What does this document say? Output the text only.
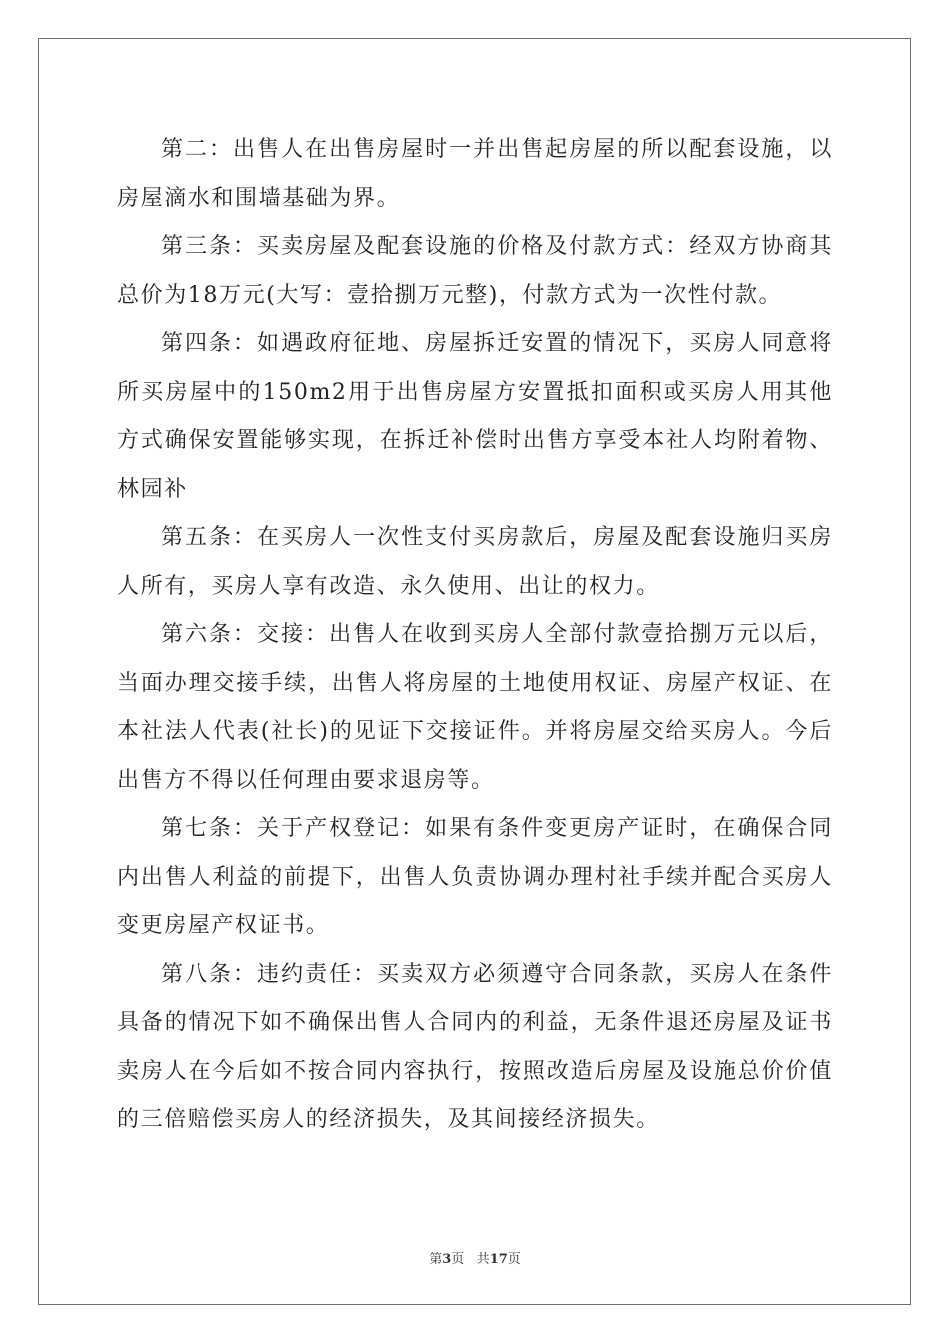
第二：出售人在出售房屋时一并出售起房屋的所以配套设施，以房屋滴水和围墙基础为界。

第三条：买卖房屋及配套设施的价格及付款方式：经双方协商其总价为18万元(大写：壹拾捌万元整)，付款方式为一次性付款。

第四条：如遇政府征地、房屋拆迁安置的情况下，买房人同意将所买房屋中的150m2用于出售房屋方安置抵扣面积或买房人用其他方式确保安置能够实现，在拆迁补偿时出售方享受本社人均附着物、林园补

第五条：在买房人一次性支付买房款后，房屋及配套设施归买房人所有，买房人享有改造、永久使用、出让的权力。

第六条：交接：出售人在收到买房人全部付款壹拾捌万元以后，当面办理交接手续，出售人将房屋的土地使用权证、房屋产权证、在本社法人代表(社长)的见证下交接证件。并将房屋交给买房人。今后出售方不得以任何理由要求退房等。

第七条：关于产权登记：如果有条件变更房产证时，在确保合同内出售人利益的前提下，出售人负责协调办理村社手续并配合买房人变更房屋产权证书。

第八条：违约责任：买卖双方必须遵守合同条款，买房人在条件具备的情况下如不确保出售人合同内的利益，无条件退还房屋及证书卖房人在今后如不按合同内容执行，按照改造后房屋及设施总价价值的三倍赔偿买房人的经济损失，及其间接经济损失。

第3页 共17页
